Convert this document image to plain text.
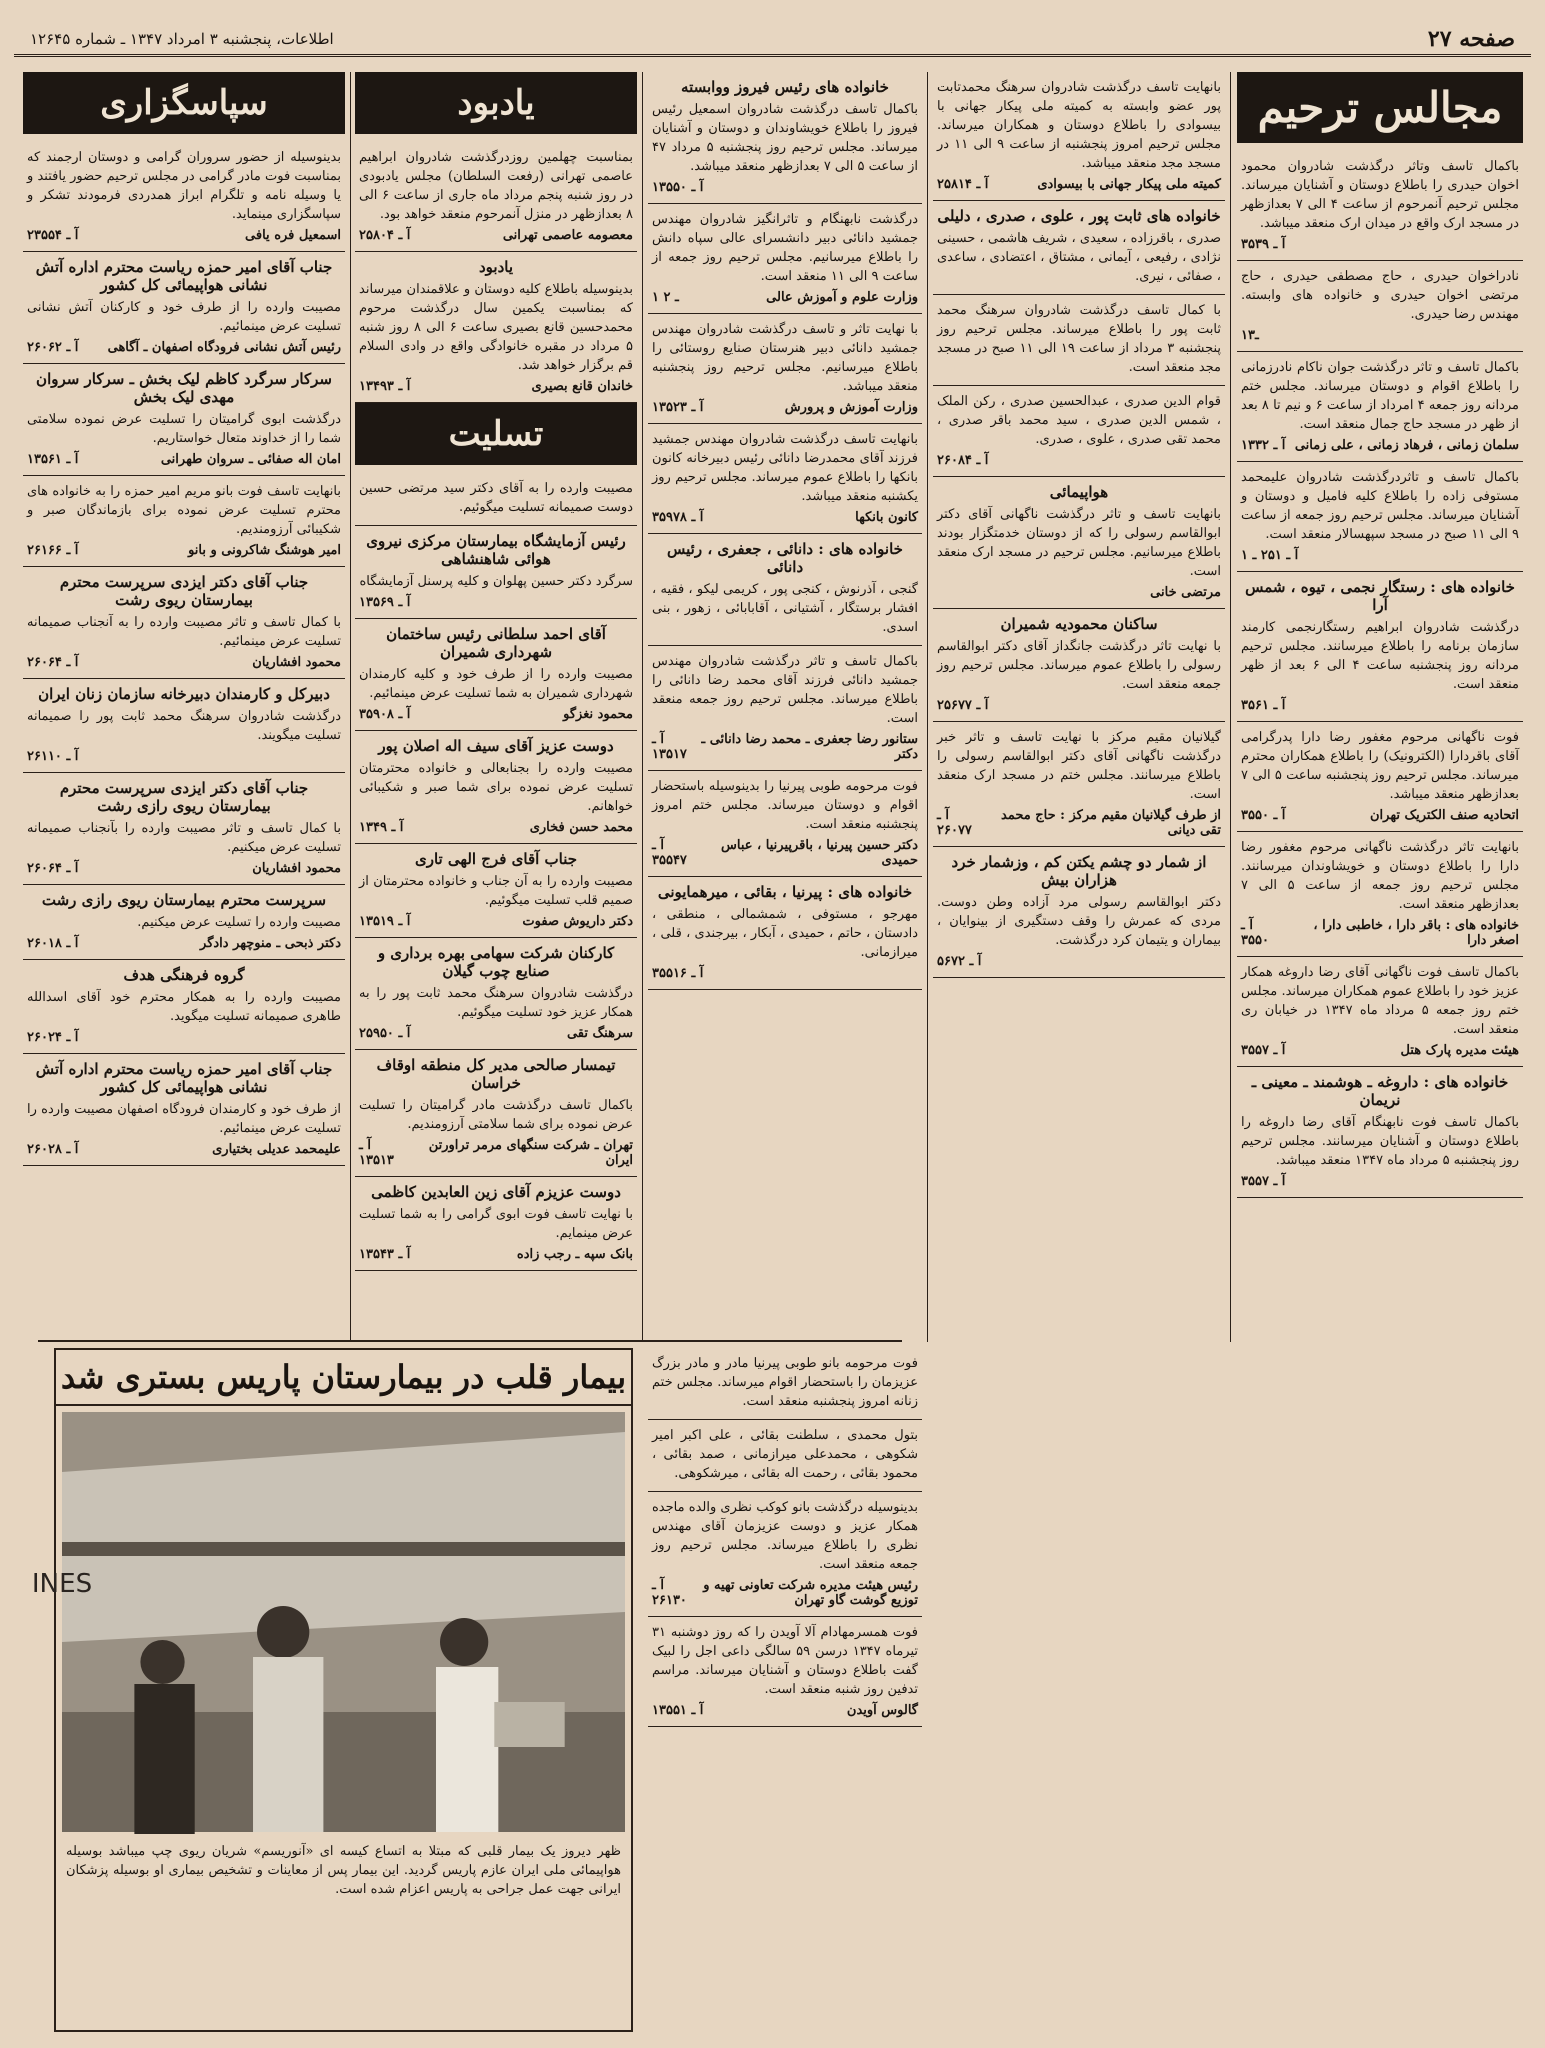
صفحه ۲۷
اطلاعات، پنجشنبه ۳ امرداد ۱۳۴۷ ـ شماره ۱۲۶۴۵
مجالس ترحیم

باکمال تاسف وتاثر درگذشت شادروان محمود اخوان حیدری را باطلاع دوستان و آشنایان میرساند. مجلس ترحیم آنمرحوم از ساعت ۴ الی ۷ بعدازظهر در مسجد ارک واقع در میدان ارک منعقد میباشد.

آ ـ ۳۵۳۹

نادراخوان حیدری ، حاج مصطفی حیدری ، حاج مرتضی اخوان حیدری و خانواده های وابسته. مهندس رضا حیدری.

۱ـ۳

باکمال تاسف و تاثر درگذشت جوان ناکام نادرزمانی را باطلاع اقوام و دوستان میرساند. مجلس ختم مردانه روز جمعه ۴ امرداد از ساعت ۶ و نیم تا ۸ بعد از ظهر در مسجد حاج جمال منعقد است.

سلمان زمانی ، فرهاد زمانی ، علی زمانی
آ ـ ۱۳۳۲

باکمال تاسف و تاثردرگذشت شادروان علیمحمد مستوفی زاده را باطلاع کلیه فامیل و دوستان و آشنایان میرساند. مجلس ترحیم روز جمعه از ساعت ۹ الی ۱۱ صبح در مسجد سپهسالار منعقد است.

آ ـ ۲۵۱ ـ ۱
خانواده های : رستگار نجمی ، تیوه ، شمس آرا

درگذشت شادروان ابراهیم رستگارنجمی کارمند سازمان برنامه را باطلاع میرسانند. مجلس ترحیم مردانه روز پنجشنبه ساعت ۴ الی ۶ بعد از ظهر منعقد است.

آ ـ ۳۵۶۱

فوت ناگهانی مرحوم مغفور رضا دارا پدرگرامی آقای باقردارا (الکترونیک) را باطلاع همکاران محترم میرساند. مجلس ترحیم روز پنجشنبه ساعت ۵ الی ۷ بعدازظهر منعقد میباشد.

اتحادیه صنف الکتریک تهران
آ ـ ۳۵۵۰

بانهایت تاثر درگذشت ناگهانی مرحوم مغفور رضا دارا را باطلاع دوستان و خویشاوندان میرسانند. مجلس ترحیم روز جمعه از ساعت ۵ الی ۷ بعدازظهر منعقد است.

خانواده های : باقر دارا ، خاطبی دارا ، اصغر دارا
آ ـ ۳۵۵۰

باکمال تاسف فوت ناگهانی آقای رضا داروغه همکار عزیز خود را باطلاع عموم همکاران میرساند. مجلس ختم روز جمعه ۵ مرداد ماه ۱۳۴۷ در خیابان ری منعقد است.

هیئت مدیره پارک هتل
آ ـ ۳۵۵۷
خانواده های : داروغه ـ هوشمند ـ معینی ـ نریمان

باکمال تاسف فوت نابهنگام آقای رضا داروغه را باطلاع دوستان و آشنایان میرسانند. مجلس ترحیم روز پنجشنبه ۵ مرداد ماه ۱۳۴۷ منعقد میباشد.

آ ـ ۳۵۵۷

بانهایت تاسف درگذشت شادروان سرهنگ محمدتابت پور عضو وابسته به کمیته ملی پیکار جهانی با بیسوادی را باطلاع دوستان و همکاران میرساند. مجلس ترحیم امروز پنجشنبه از ساعت ۹ الی ۱۱ در مسجد مجد منعقد میباشد.

کمیته ملی پیکار جهانی با بیسوادی
آ ـ ۲۵۸۱۴
خانواده های ثابت پور ، علوی ، صدری ، دلیلی

صدری ، باقرزاده ، سعیدی ، شریف هاشمی ، حسینی نژادی ، رفیعی ، آیمانی ، مشتاق ، اعتضادی ، ساعدی ، صفائی ، نیری.

با کمال تاسف درگذشت شادروان سرهنگ محمد ثابت پور را باطلاع میرساند. مجلس ترحیم روز پنجشنبه ۳ مرداد از ساعت ۱۹ الی ۱۱ صبح در مسجد مجد منعقد است.

قوام الدین صدری ، عبدالحسین صدری ، رکن الملک ، شمس الدین صدری ، سید محمد باقر صدری ، محمد تقی صدری ، علوی ، صدری.

آ ـ ۲۶۰۸۴
هواپیمائی

بانهایت تاسف و تاثر درگذشت ناگهانی آقای دکتر ابوالقاسم رسولی را که از دوستان خدمتگزار بودند باطلاع میرسانیم. مجلس ترحیم در مسجد ارک منعقد است.

مرتضی خانی
ساکنان محمودیه شمیران

با نهایت تاثر درگذشت جانگداز آقای دکتر ابوالقاسم رسولی را باطلاع عموم میرساند. مجلس ترحیم روز جمعه منعقد است.

آ ـ ۲۵۶۷۷

گیلانیان مقیم مرکز با نهایت تاسف و تاثر خبر درگذشت ناگهانی آقای دکتر ابوالقاسم رسولی را باطلاع میرسانند. مجلس ختم در مسجد ارک منعقد است.

از طرف گیلانیان مقیم مرکز : حاج محمد تقی دیانی
آ ـ ۲۶۰۷۷
از شمار دو چشم یکتن کم ، وزشمار خرد هزاران بیش

دکتر ابوالقاسم رسولی مرد آزاده وطن دوست. مردی که عمرش را وقف دستگیری از بینوایان ، بیماران و یتیمان کرد درگذشت.

آ ـ ۵۶۷۲
خانواده های رئیس فیروز ووابسته

باکمال تاسف درگذشت شادروان اسمعیل رئیس فیروز را باطلاع خویشاوندان و دوستان و آشنایان میرساند. مجلس ترحیم روز پنجشنبه ۵ مرداد ۴۷ از ساعت ۵ الی ۷ بعدازظهر منعقد میباشد.

آ ـ ۱۳۵۵۰

درگذشت نابهنگام و تاثرانگیز شادروان مهندس جمشید دانائی دبیر دانشسرای عالی سپاه دانش را باطلاع میرسانیم. مجلس ترحیم روز جمعه از ساعت ۹ الی ۱۱ منعقد است.

وزارت علوم و آموزش عالی
۱ ـ ۲

با نهایت تاثر و تاسف درگذشت شادروان مهندس جمشید دانائی دبیر هنرستان صنایع روستائی را باطلاع میرسانیم. مجلس ترحیم روز پنجشنبه منعقد میباشد.

وزارت آموزش و پرورش
آ ـ ۱۳۵۲۳

بانهایت تاسف درگذشت شادروان مهندس جمشید فرزند آقای محمدرضا دانائی رئیس دبیرخانه کانون بانکها را باطلاع عموم میرساند. مجلس ترحیم روز یکشنبه منعقد میباشد.

کانون بانکها
آ ـ ۳۵۹۷۸
خانواده های : دانائی ، جعفری ، رئیس دانائی

گنجی ، آذرنوش ، کنجی پور ، کریمی لیکو ، فقیه ، افشار برستگار ، آشتیانی ، آقابابائی ، زهور ، بنی اسدی.

باکمال تاسف و تاثر درگذشت شادروان مهندس جمشید دانائی فرزند آقای محمد رضا دانائی را باطلاع میرساند. مجلس ترحیم روز جمعه منعقد است.

ستانور رضا جعفری ـ محمد رضا دانائی ـ دکتر
آ ـ ۱۳۵۱۷

فوت مرحومه طوبی پیرنیا را بدینوسیله باستحضار اقوام و دوستان میرساند. مجلس ختم امروز پنجشنبه منعقد است.

دکتر حسین پیرنیا ، باقرپیرنیا ، عباس حمیدی
آ ـ ۳۵۵۴۷
خانواده های : پیرنیا ، بقائی ، میرهمایونی

مهرجو ، مستوفی ، شمشمالی ، منطقی ، دادستان ، حاتم ، حمیدی ، آبکار ، بیرجندی ، قلی ، میرازمانی.

آ ـ ۳۵۵۱۶
یادبود

بمناسبت چهلمین روزدرگذشت شادروان ابراهیم عاصمی تهرانی (رفعت السلطان) مجلس یادبودی در روز شنبه پنجم مرداد ماه جاری از ساعت ۶ الی ۸ بعدازظهر در منزل آنمرحوم منعقد خواهد بود.

معصومه عاصمی تهرانی
آ ـ ۲۵۸۰۴
یادبود

بدینوسیله باطلاع کلیه دوستان و علاقمندان میرساند که بمناسبت یکمین سال درگذشت مرحوم محمدحسین قانع بصیری ساعت ۶ الی ۸ روز شنبه ۵ مرداد در مقبره خانوادگی واقع در وادی السلام قم برگزار خواهد شد.

خاندان قانع بصیری
آ ـ ۱۳۴۹۳
تسلیت

مصیبت وارده را به آقای دکتر سید مرتضی حسین دوست صمیمانه تسلیت میگوئیم.

رئیس آزمایشگاه بیمارستان مرکزی نیروی هوائی شاهنشاهی

سرگرد دکتر حسین پهلوان و کلیه پرسنل آزمایشگاه

آ ـ ۱۳۵۶۹
آقای احمد سلطانی رئیس ساختمان شهرداری شمیران

مصیبت وارده را از طرف خود و کلیه کارمندان شهرداری شمیران به شما تسلیت عرض مینمائیم.

محمود نغزگو
آ ـ ۳۵۹۰۸
دوست عزیز آقای سیف اله اصلان پور

مصیبت وارده را بجنابعالی و خانواده محترمتان تسلیت عرض نموده برای شما صبر و شکیبائی خواهانم.

محمد حسن فخاری
آ ـ ۱۳۴۹
جناب آقای فرج الهی تاری

مصیبت وارده را به آن جناب و خانواده محترمتان از صمیم قلب تسلیت میگوئیم.

دکتر داریوش صفوت
آ ـ ۱۳۵۱۹
کارکنان شرکت سهامی بهره برداری و صنایع چوب گیلان

درگذشت شادروان سرهنگ محمد ثابت پور را به همکار عزیز خود تسلیت میگوئیم.

سرهنگ تقی
آ ـ ۲۵۹۵۰
تیمسار صالحی مدیر کل منطقه اوقاف خراسان

باکمال تاسف درگذشت مادر گرامیتان را تسلیت عرض نموده برای شما سلامتی آرزومندیم.

تهران ـ شرکت سنگهای مرمر تراورتن ایران
آ ـ ۱۳۵۱۳
دوست عزیزم آقای زین العابدین کاظمی

با نهایت تاسف فوت ابوی گرامی را به شما تسلیت عرض مینمایم.

بانک سپه ـ رجب زاده
آ ـ ۱۳۵۴۳
سپاسگزاری

بدینوسیله از حضور سروران گرامی و دوستان ارجمند که بمناسبت فوت مادر گرامی در مجلس ترحیم حضور یافتند و یا وسیله نامه و تلگرام ابراز همدردی فرمودند تشکر و سپاسگزاری مینماید.

اسمعیل فره یافی
آ ـ ۲۳۵۵۴
جناب آقای امیر حمزه ریاست محترم اداره آتش نشانی هواپیمائی کل کشور

مصیبت وارده را از طرف خود و کارکنان آتش نشانی تسلیت عرض مینمائیم.

رئیس آتش نشانی فرودگاه اصفهان ـ آگاهی
آ ـ ۲۶۰۶۲
سرکار سرگرد کاظم لیک بخش ـ سرکار سروان مهدی لیک بخش

درگذشت ابوی گرامیتان را تسلیت عرض نموده سلامتی شما را از خداوند متعال خواستاریم.

امان اله صفائی ـ سروان طهرانی
آ ـ ۱۳۵۶۱

بانهایت تاسف فوت بانو مریم امیر حمزه را به خانواده های محترم تسلیت عرض نموده برای بازماندگان صبر و شکیبائی آرزومندیم.

امیر هوشنگ شاکرونی و بانو
آ ـ ۲۶۱۶۶
جناب آقای دکتر ایزدی سرپرست محترم بیمارستان ریوی رشت

با کمال تاسف و تاثر مصیبت وارده را به آنجناب صمیمانه تسلیت عرض مینمائیم.

محمود افشاریان
آ ـ ۲۶۰۶۴
دبیرکل و کارمندان دبیرخانه سازمان زنان ایران

درگذشت شادروان سرهنگ محمد ثابت پور را صمیمانه تسلیت میگویند.

آ ـ ۲۶۱۱۰
جناب آقای دکتر ایزدی سرپرست محترم بیمارستان ریوی رازی رشت

با کمال تاسف و تاثر مصیبت وارده را بآنجناب صمیمانه تسلیت عرض میکنیم.

محمود افشاریان
آ ـ ۲۶۰۶۴
سرپرست محترم بیمارستان ریوی رازی رشت

مصیبت وارده را تسلیت عرض میکنیم.

دکتر ذبحی ـ منوچهر دادگر
آ ـ ۲۶۰۱۸
گروه فرهنگی هدف

مصیبت وارده را به همکار محترم خود آقای اسدالله طاهری صمیمانه تسلیت میگوید.

آ ـ ۲۶۰۲۴
جناب آقای امیر حمزه ریاست محترم اداره آتش نشانی هواپیمائی کل کشور

از طرف خود و کارمندان فرودگاه اصفهان مصیبت وارده را تسلیت عرض مینمائیم.

علیمحمد عدیلی بختیاری
آ ـ ۲۶۰۲۸
بیمار قلب در بیمارستان پاریس بستری شد
INES
ظهر دیروز یک بیمار قلبی که مبتلا به اتساع کیسه ای «آنوریسم» شریان ریوی چپ میباشد بوسیله هواپیمائی ملی ایران عازم پاریس گردید. این بیمار پس از معاینات و تشخیص بیماری او بوسیله پزشکان ایرانی جهت عمل جراحی به پاریس اعزام شده است.

فوت مرحومه بانو طوبی پیرنیا مادر و مادر بزرگ عزیزمان را باستحضار اقوام میرساند. مجلس ختم زنانه امروز پنجشنبه منعقد است.

بتول محمدی ، سلطنت بقائی ، علی اکبر امیر شکوهی ، محمدعلی میرازمانی ، صمد بقائی ، محمود بقائی ، رحمت اله بقائی ، میرشکوهی.

بدینوسیله درگذشت بانو کوکب نظری والده ماجده همکار عزیز و دوست عزیزمان آقای مهندس نظری را باطلاع میرساند. مجلس ترحیم روز جمعه منعقد است.

رئیس هیئت مدیره شرکت تعاونی تهیه و توزیع گوشت گاو تهران
آ ـ ۲۶۱۳۰

فوت همسرمهادام آلا آویدن را که روز دوشنبه ۳۱ تیرماه ۱۳۴۷ درسن ۵۹ سالگی داعی اجل را لبیک گفت باطلاع دوستان و آشنایان میرساند. مراسم تدفین روز شنبه منعقد است.

گالوس آویدن
آ ـ ۱۳۵۵۱
